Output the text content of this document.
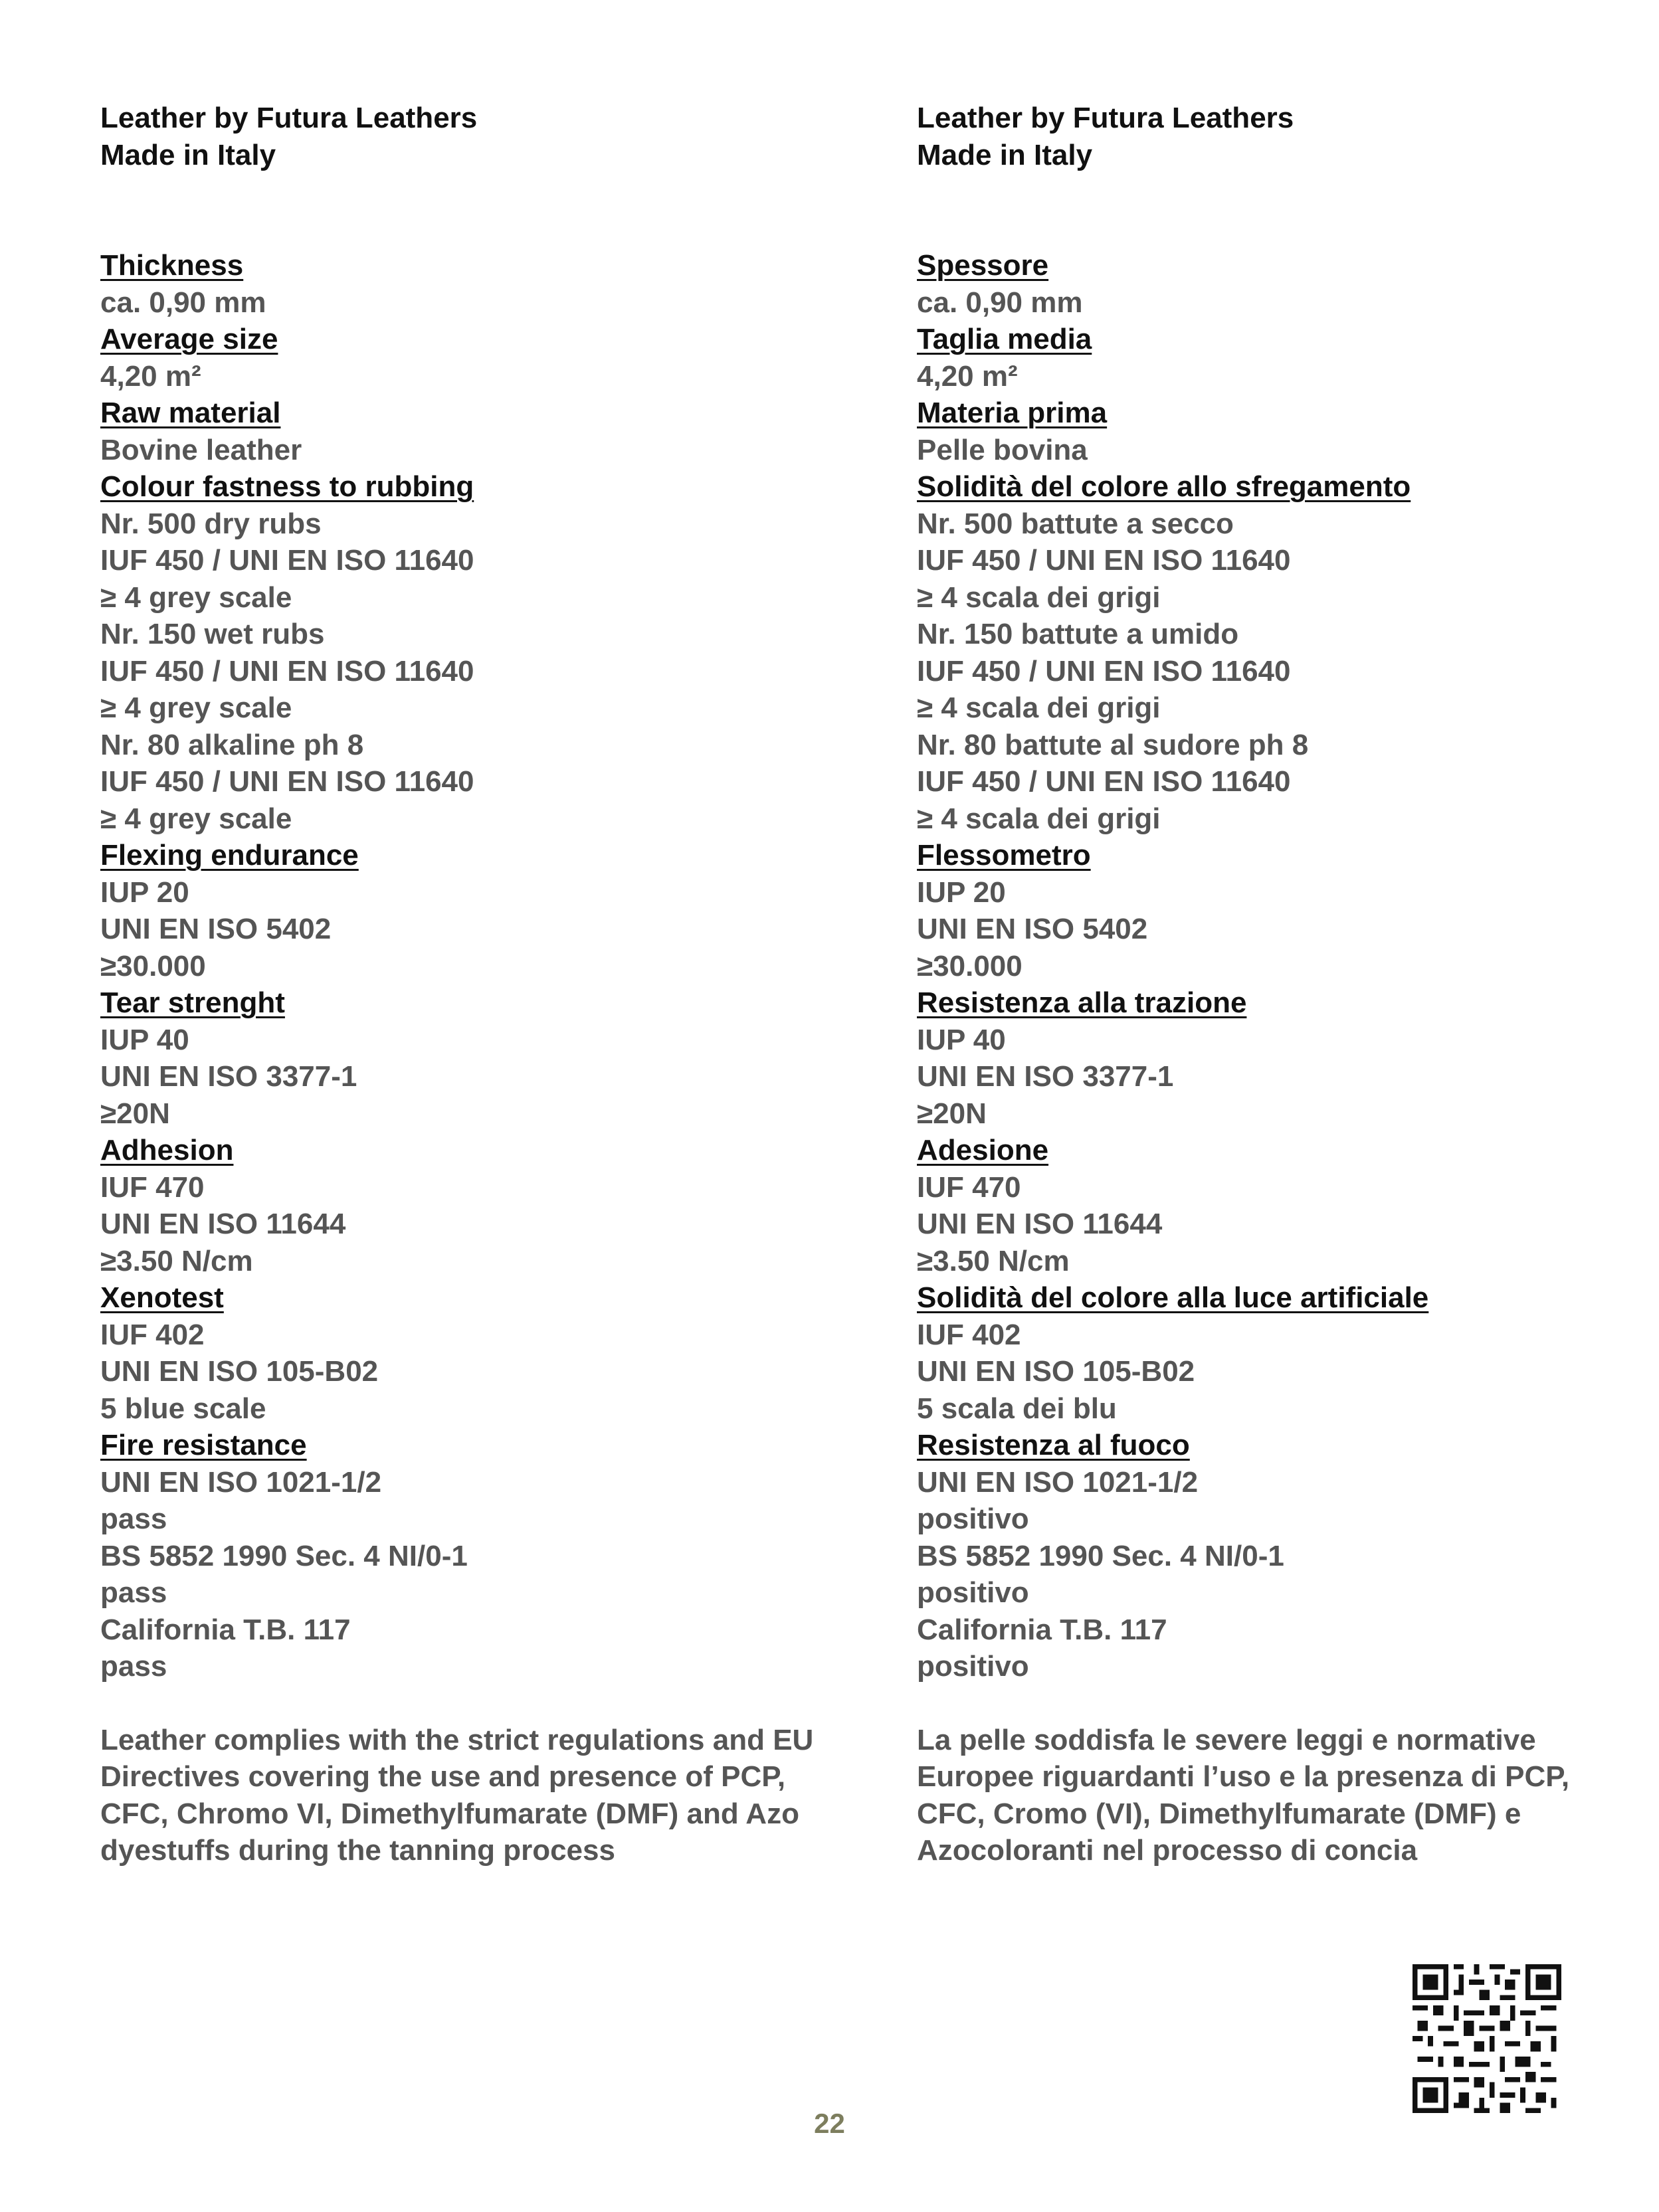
Leather by Futura Leathers
Made in Italy
Thickness
ca. 0,90 mm
Average size
4,20 m²
Raw material
Bovine leather
Colour fastness to rubbing
Nr. 500 dry rubs
IUF 450 / UNI EN ISO 11640
≥ 4 grey scale
Nr. 150 wet rubs
IUF 450 / UNI EN ISO 11640
≥ 4 grey scale
Nr. 80 alkaline ph 8
IUF 450 / UNI EN ISO 11640
≥ 4 grey scale
Flexing endurance
IUP 20
UNI EN ISO 5402
≥30.000
Tear strenght
IUP 40
UNI EN ISO 3377-1
≥20N
Adhesion
IUF 470
UNI EN ISO 11644
≥3.50 N/cm
Xenotest
IUF 402
UNI EN ISO 105-B02
5 blue scale
Fire resistance
UNI EN ISO 1021-1/2
pass
BS 5852 1990 Sec. 4 NI/0-1
pass
California T.B. 117
pass
Leather complies with the strict regulations and EU
Directives covering the use and presence of PCP,
CFC, Chromo VI, Dimethylfumarate (DMF) and Azo
dyestuffs during the tanning process
Leather by Futura Leathers
Made in Italy
Spessore
ca. 0,90 mm
Taglia media
4,20 m²
Materia prima
Pelle bovina
Solidità del colore allo sfregamento
Nr. 500 battute a secco
IUF 450 / UNI EN ISO 11640
≥ 4 scala dei grigi
Nr. 150 battute a umido
IUF 450 / UNI EN ISO 11640
≥ 4 scala dei grigi
Nr. 80 battute al sudore ph 8
IUF 450 / UNI EN ISO 11640
≥ 4 scala dei grigi
Flessometro
IUP 20
UNI EN ISO 5402
≥30.000
Resistenza alla trazione
IUP 40
UNI EN ISO 3377-1
≥20N
Adesione
IUF 470
UNI EN ISO 11644
≥3.50 N/cm
Solidità del colore alla luce artificiale
IUF 402
UNI EN ISO 105-B02
5 scala dei blu
Resistenza al fuoco
UNI EN ISO 1021-1/2
positivo
BS 5852 1990 Sec. 4 NI/0-1
positivo
California T.B. 117
positivo
La pelle soddisfa le severe leggi e normative
Europee riguardanti l’uso e la presenza di PCP,
CFC, Cromo (VI), Dimethylfumarate (DMF) e
Azocoloranti nel processo di concia
22
